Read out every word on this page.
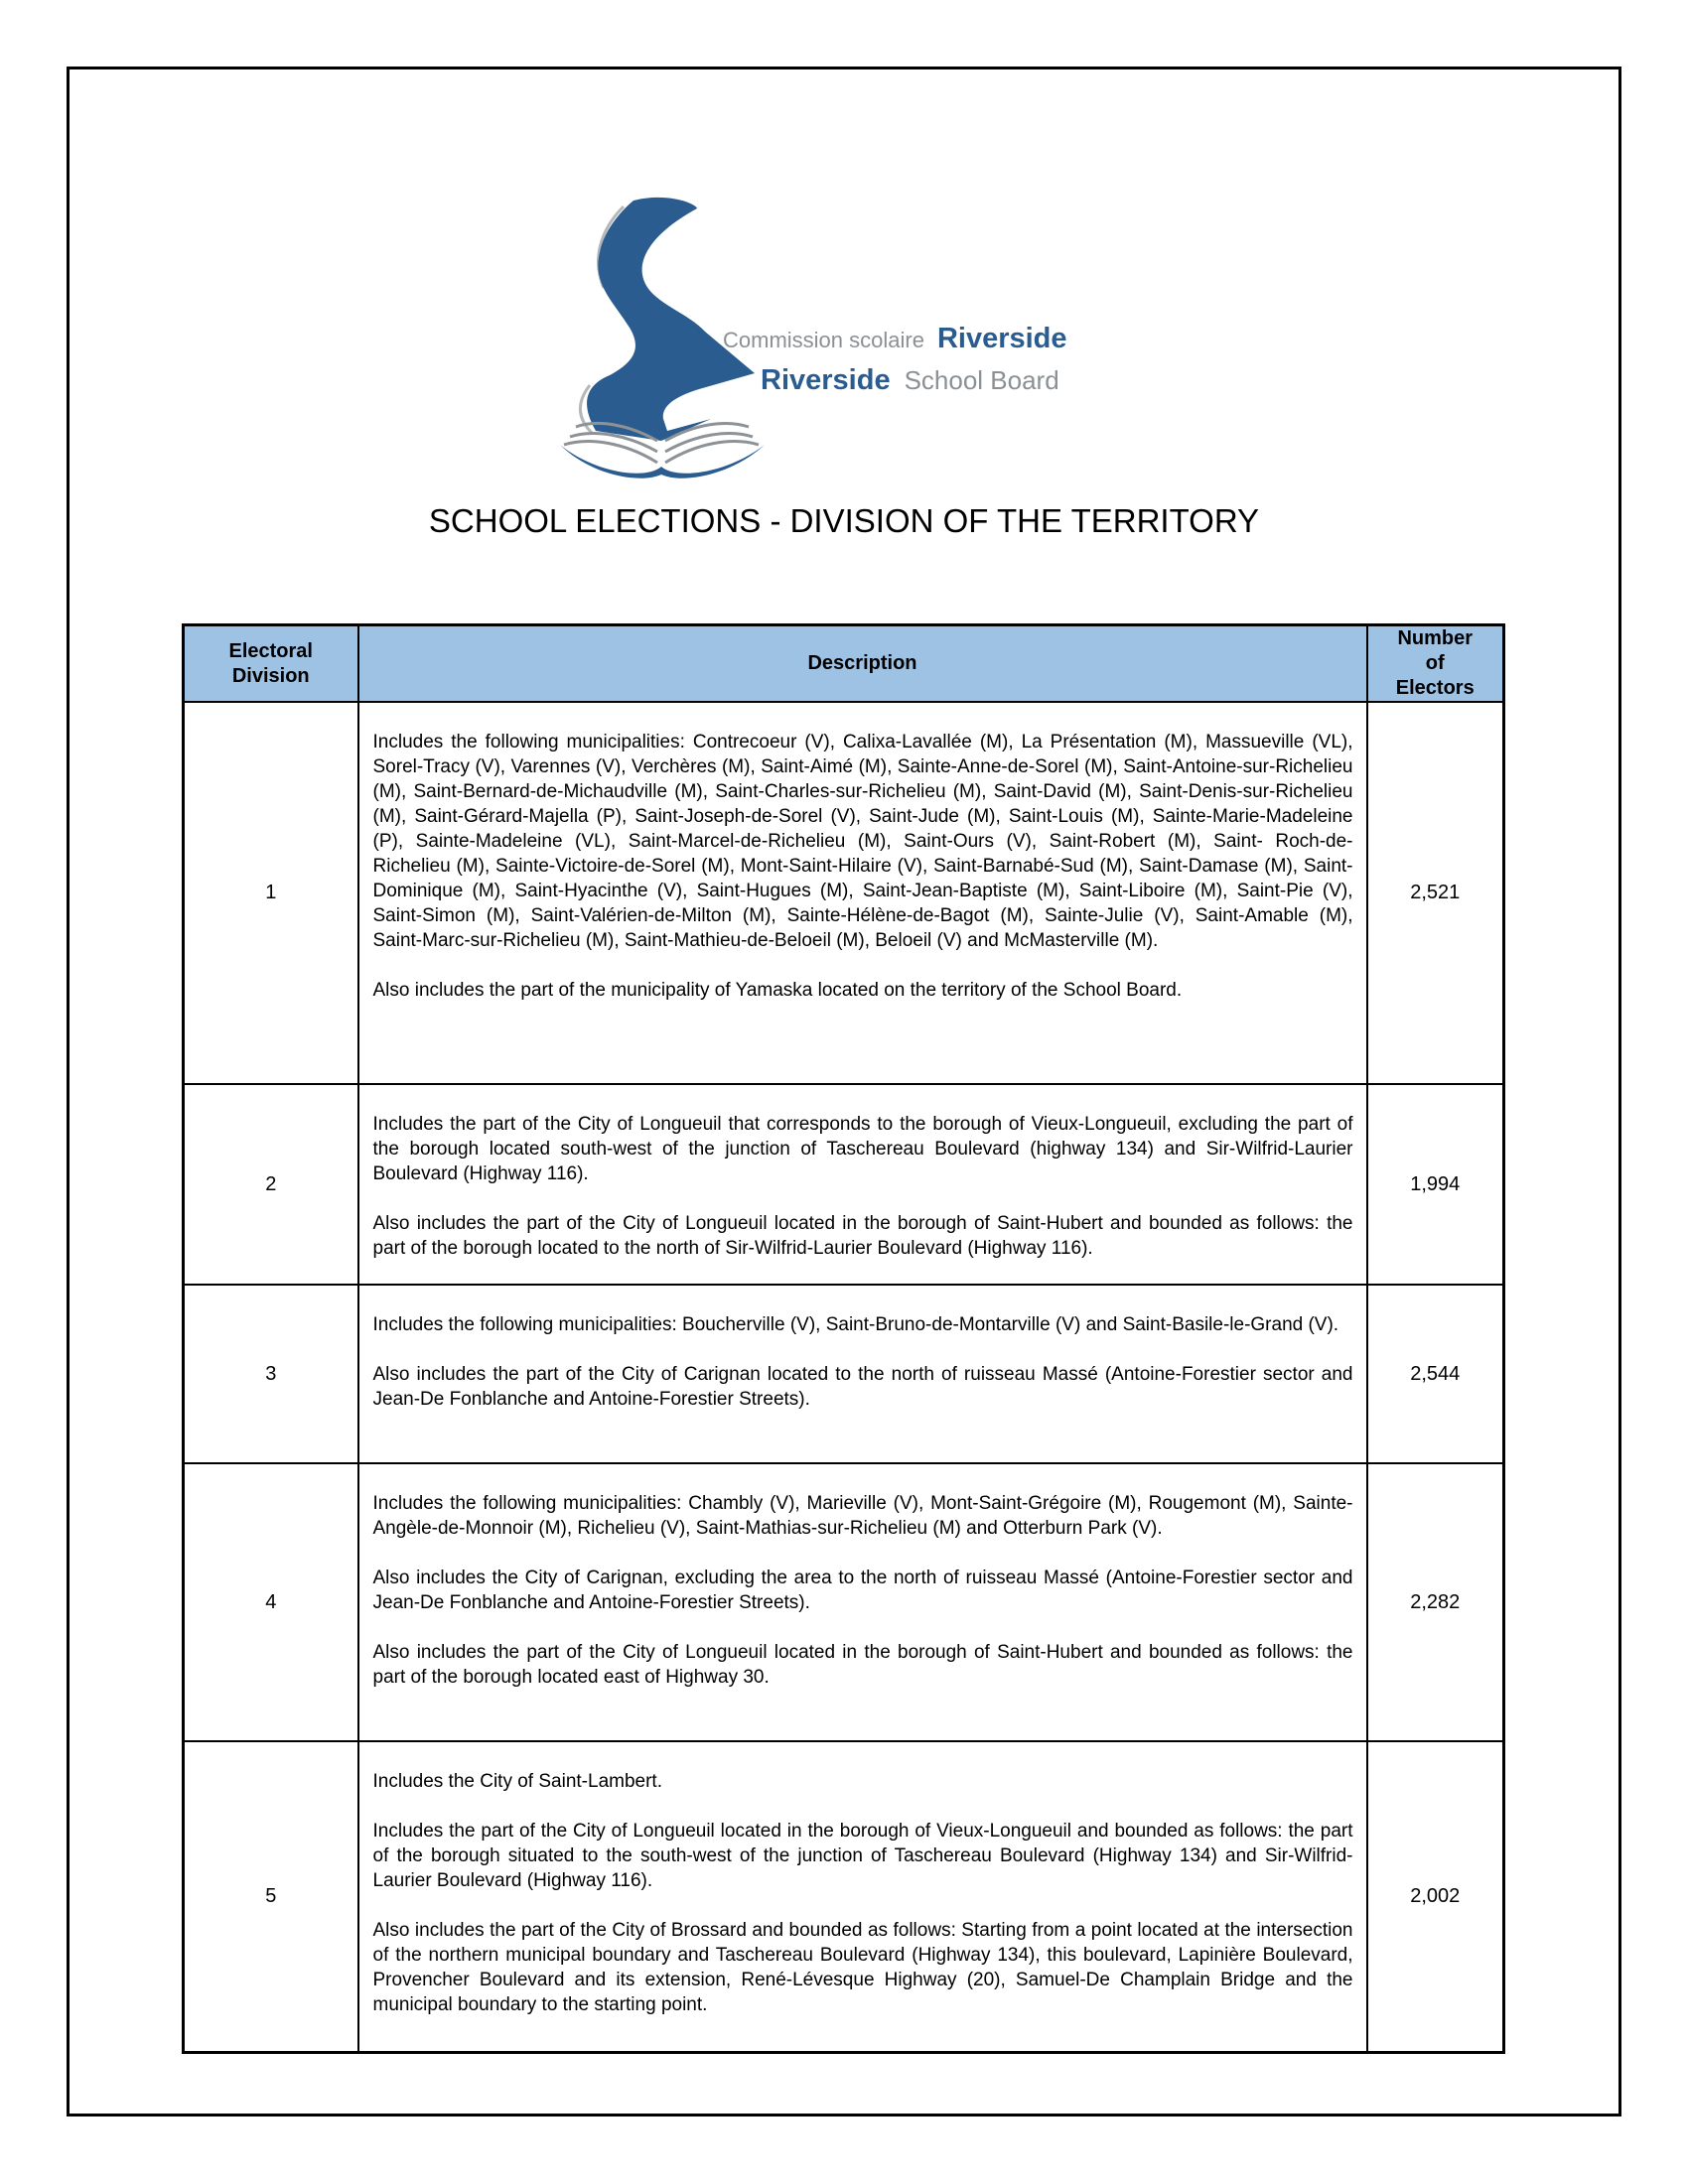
Commission scolaire Riverside
Riverside School Board
SCHOOL ELECTIONS - DIVISION OF THE TERRITORY
Electoral Division	Description	Number of Electors
1	Includes the following municipalities: Contrecoeur (V), Calixa-Lavallée (M), La Présentation (M), Massueville (VL), Sorel-Tracy (V), Varennes (V), Verchères (M), Saint-Aimé (M), Sainte-Anne-de-Sorel (M), Saint-Antoine-sur-Richelieu (M), Saint-Bernard-de-Michaudville (M), Saint-Charles-sur-Richelieu (M), Saint-David (M), Saint-Denis-sur-Richelieu (M), Saint-Gérard-Majella (P), Saint-Joseph-de-Sorel (V), Saint-Jude (M), Saint-Louis (M), Sainte-Marie-Madeleine (P), Sainte-Madeleine (VL), Saint-Marcel-de-Richelieu (M), Saint-Ours (V), Saint-Robert (M), Saint- Roch-de-Richelieu (M), Sainte-Victoire-de-Sorel (M), Mont-Saint-Hilaire (V), Saint-Barnabé-Sud (M), Saint-Damase (M), Saint-Dominique (M), Saint-Hyacinthe (V), Saint-Hugues (M), Saint-Jean-Baptiste (M), Saint-Liboire (M), Saint-Pie (V), Saint-Simon (M), Saint-Valérien-de-Milton (M), Sainte-Hélène-de-Bagot (M), Sainte-Julie (V), Saint-Amable (M), Saint-Marc-sur-Richelieu (M), Saint-Mathieu-de-Beloeil (M), Beloeil (V) and McMasterville (M).

Also includes the part of the municipality of Yamaska located on the territory of the School Board.	2,521
2	Includes the part of the City of Longueuil that corresponds to the borough of Vieux-Longueuil, excluding the part of the borough located south-west of the junction of Taschereau Boulevard (highway 134) and Sir-Wilfrid-Laurier Boulevard (Highway 116).

Also includes the part of the City of Longueuil located in the borough of Saint-Hubert and bounded as follows: the part of the borough located to the north of Sir-Wilfrid-Laurier Boulevard (Highway 116).	1,994
3	Includes the following municipalities: Boucherville (V), Saint-Bruno-de-Montarville (V) and Saint-Basile-le-Grand (V).

Also includes the part of the City of Carignan located to the north of ruisseau Massé (Antoine-Forestier sector and Jean-De Fonblanche and Antoine-Forestier Streets).	2,544
4	Includes the following municipalities: Chambly (V), Marieville (V), Mont-Saint-Grégoire (M), Rougemont (M), Sainte-Angèle-de-Monnoir (M), Richelieu (V), Saint-Mathias-sur-Richelieu (M) and Otterburn Park (V).

Also includes the City of Carignan, excluding the area to the north of ruisseau Massé (Antoine-Forestier sector and Jean-De Fonblanche and Antoine-Forestier Streets).

Also includes the part of the City of Longueuil located in the borough of Saint-Hubert and bounded as follows: the part of the borough located east of Highway 30.	2,282
5	Includes the City of Saint-Lambert.

Includes the part of the City of Longueuil located in the borough of Vieux-Longueuil and bounded as follows: the part of the borough situated to the south-west of the junction of Taschereau Boulevard (Highway 134) and Sir-Wilfrid-Laurier Boulevard (Highway 116).

Also includes the part of the City of Brossard and bounded as follows: Starting from a point located at the intersection of the northern municipal boundary and Taschereau Boulevard (Highway 134), this boulevard, Lapinière Boulevard, Provencher Boulevard and its extension, René-Lévesque Highway (20), Samuel-De Champlain Bridge and the municipal boundary to the starting point.	2,002
